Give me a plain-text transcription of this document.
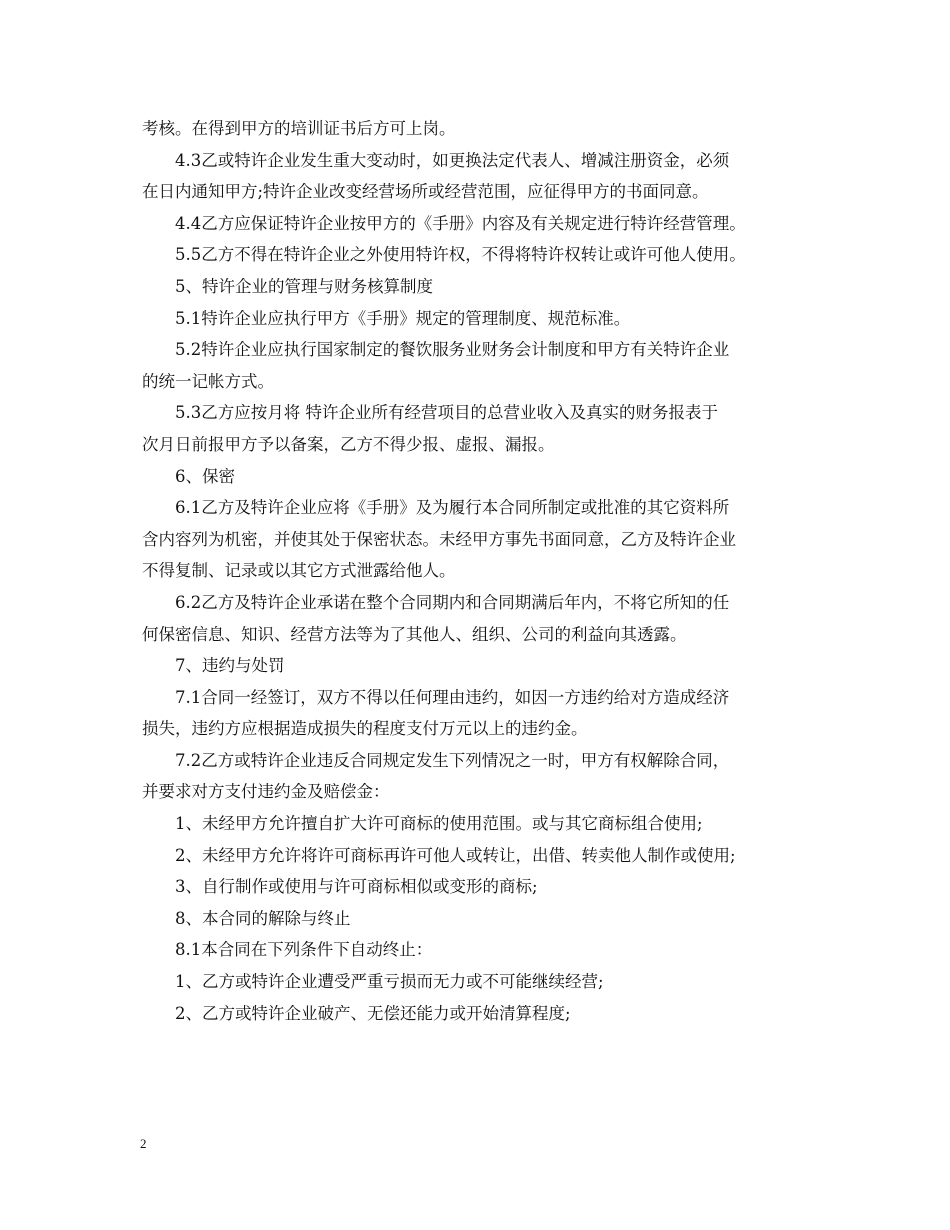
考核。在得到甲方的培训证书后方可上岗。
4.3乙或特许企业发生重大变动时，如更换法定代表人、增减注册资金，必须
在日内通知甲方;特许企业改变经营场所或经营范围，应征得甲方的书面同意。
4.4乙方应保证特许企业按甲方的《手册》内容及有关规定进行特许经营管理。
5.5乙方不得在特许企业之外使用特许权，不得将特许权转让或许可他人使用。
5、特许企业的管理与财务核算制度
5.1特许企业应执行甲方《手册》规定的管理制度、规范标准。
5.2特许企业应执行国家制定的餐饮服务业财务会计制度和甲方有关特许企业
的统一记帐方式。
5.3乙方应按月将 特许企业所有经营项目的总营业收入及真实的财务报表于
次月日前报甲方予以备案，乙方不得少报、虚报、漏报。
6、保密
6.1乙方及特许企业应将《手册》及为履行本合同所制定或批准的其它资料所
含内容列为机密，并使其处于保密状态。未经甲方事先书面同意，乙方及特许企业
不得复制、记录或以其它方式泄露给他人。
6.2乙方及特许企业承诺在整个合同期内和合同期满后年内，不将它所知的任
何保密信息、知识、经营方法等为了其他人、组织、公司的利益向其透露。
7、违约与处罚
7.1合同一经签订，双方不得以任何理由违约，如因一方违约给对方造成经济
损失，违约方应根据造成损失的程度支付万元以上的违约金。
7.2乙方或特许企业违反合同规定发生下列情况之一时，甲方有权解除合同，
并要求对方支付违约金及赔偿金：
1、未经甲方允许擅自扩大许可商标的使用范围。或与其它商标组合使用;
2、未经甲方允许将许可商标再许可他人或转让，出借、转卖他人制作或使用;
3、自行制作或使用与许可商标相似或变形的商标;
8、本合同的解除与终止
8.1本合同在下列条件下自动终止：
1、乙方或特许企业遭受严重亏损而无力或不可能继续经营;
2、乙方或特许企业破产、无偿还能力或开始清算程度;
2
